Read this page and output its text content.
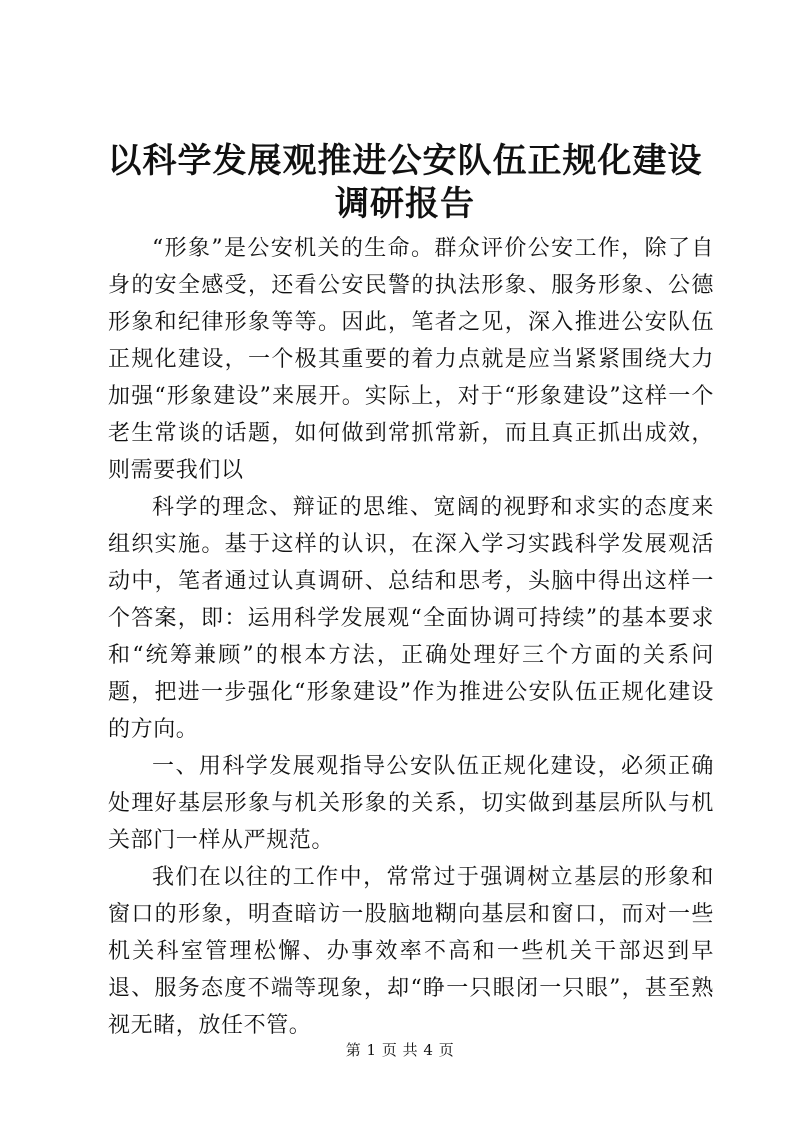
以科学发展观推进公安队伍正规化建设调研报告

“形象”是公安机关的生命。群众评价公安工作，除了自身的安全感受，还看公安民警的执法形象、服务形象、公德形象和纪律形象等等。因此，笔者之见，深入推进公安队伍正规化建设，一个极其重要的着力点就是应当紧紧围绕大力加强“形象建设”来展开。实际上，对于“形象建设”这样一个老生常谈的话题，如何做到常抓常新，而且真正抓出成效，则需要我们以

科学的理念、辩证的思维、宽阔的视野和求实的态度来组织实施。基于这样的认识，在深入学习实践科学发展观活动中，笔者通过认真调研、总结和思考，头脑中得出这样一个答案，即：运用科学发展观“全面协调可持续”的基本要求和“统筹兼顾”的根本方法，正确处理好三个方面的关系问题，把进一步强化“形象建设”作为推进公安队伍正规化建设的方向。

一、用科学发展观指导公安队伍正规化建设，必须正确处理好基层形象与机关形象的关系，切实做到基层所队与机关部门一样从严规范。

我们在以往的工作中，常常过于强调树立基层的形象和窗口的形象，明查暗访一股脑地糊向基层和窗口，而对一些机关科室管理松懈、办事效率不高和一些机关干部迟到早退、服务态度不端等现象，却“睁一只眼闭一只眼”，甚至熟视无睹，放任不管。

第 1 页 共 4 页
